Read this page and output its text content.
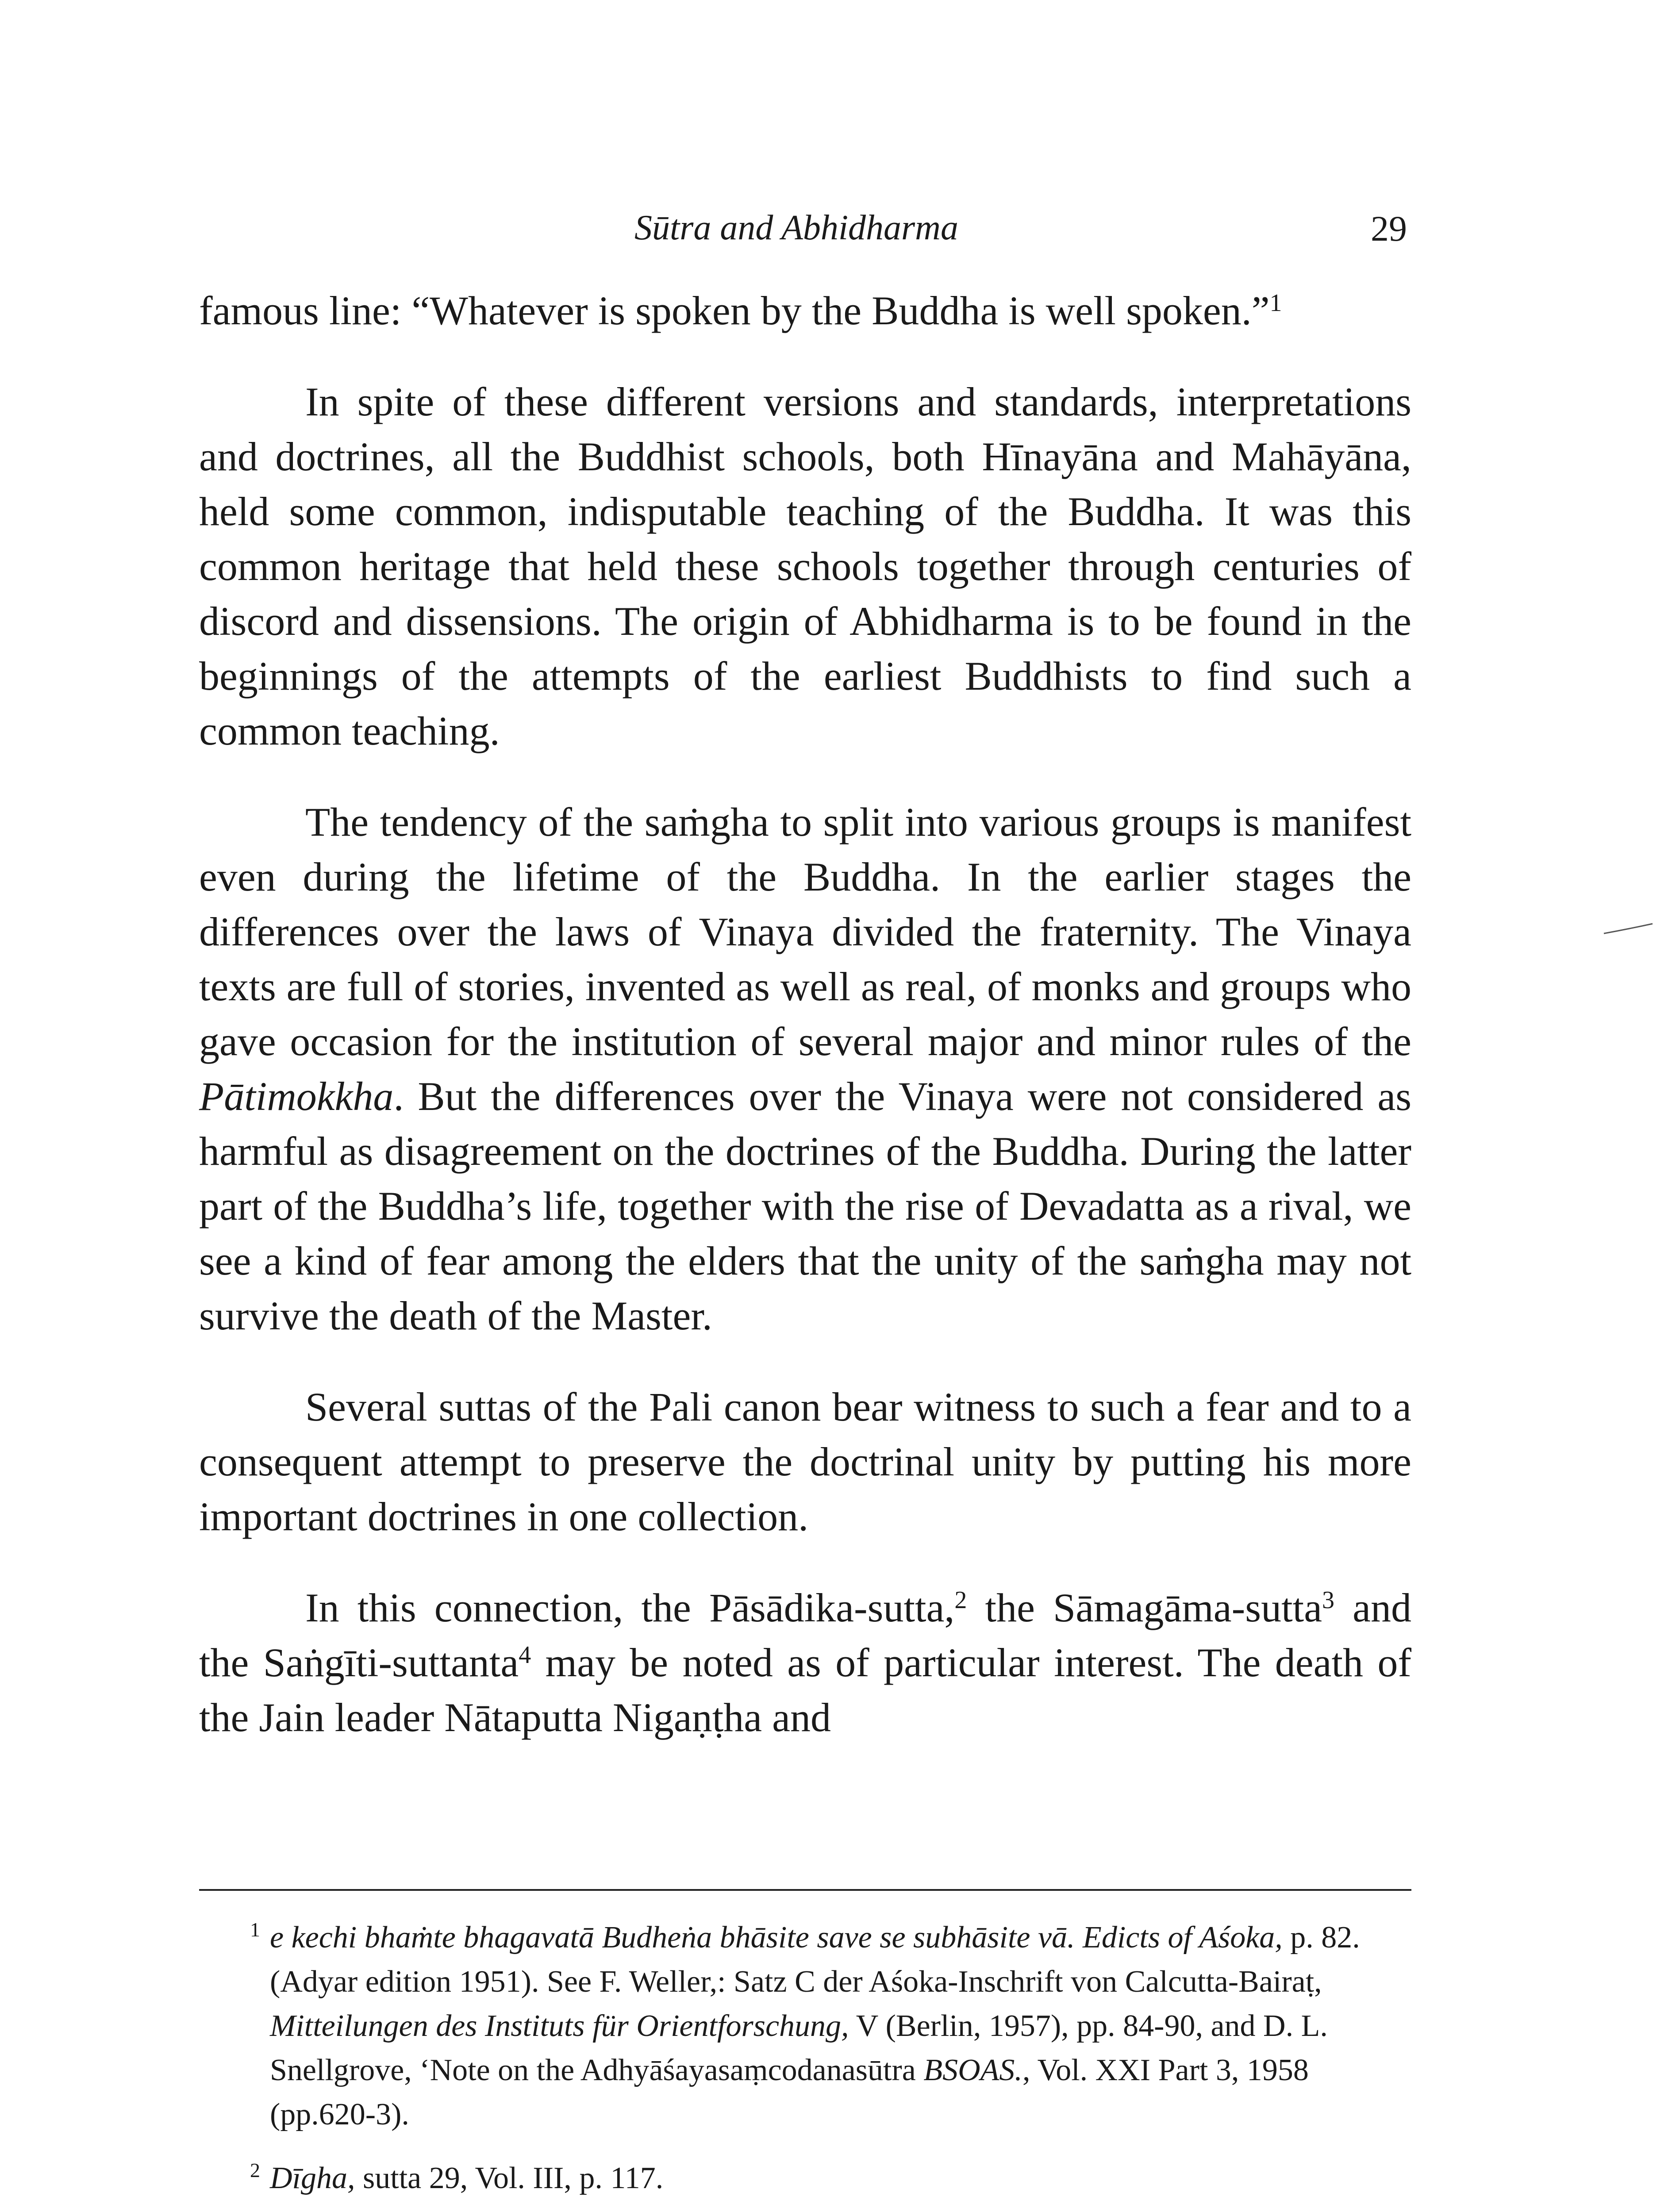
Sūtra and Abhidharma	29

famous line: “Whatever is spoken by the Buddha is well spoken.”$^1$

In spite of these different versions and standards, interpretations and doctrines, all the Buddhist schools, both Hīnayāna and Mahāyāna, held some common, indisputable teaching of the Buddha. It was this common heritage that held these schools together through centuries of discord and dissensions. The origin of Abhidharma is to be found in the beginnings of the attempts of the earliest Buddhists to find such a common teaching.

The tendency of the saṁgha to split into various groups is manifest even during the lifetime of the Buddha. In the earlier stages the differences over the laws of Vinaya divided the fraternity. The Vinaya texts are full of stories, invented as well as real, of monks and groups who gave occasion for the institution of several major and minor rules of the Pātimokkha. But the differences over the Vinaya were not considered as harmful as disagreement on the doctrines of the Buddha. During the latter part of the Buddha’s life, together with the rise of Devadatta as a rival, we see a kind of fear among the elders that the unity of the saṁgha may not survive the death of the Master.

Several suttas of the Pali canon bear witness to such a fear and to a consequent attempt to preserve the doctrinal unity by putting his more important doctrines in one collection.

In this connection, the Pāsādika-sutta,$^2$ the Sāmagāma-sutta$^3$ and the Saṅgīti-suttanta$^4$ may be noted as of particular interest. The death of the Jain leader Nātaputta Nigaṇṭha and

1 e kechi bhaṁte bhagavatā Budheṅa bhāsite save se subhāsite vā. Edicts of Aśoka, p. 82. (Adyar edition 1951). See F. Weller,: Satz C der Aśoka-Inschrift von Calcutta-Bairaṭ, Mitteilungen des Instituts für Orientforschung, V (Berlin, 1957), pp. 84-90, and D. L. Snellgrove, ‘Note on the Adhyāśayasaṃcodanasūtra BSOAS., Vol. XXI Part 3, 1958 (pp.620-3).
2 Dīgha, sutta 29, Vol. III, p. 117.
